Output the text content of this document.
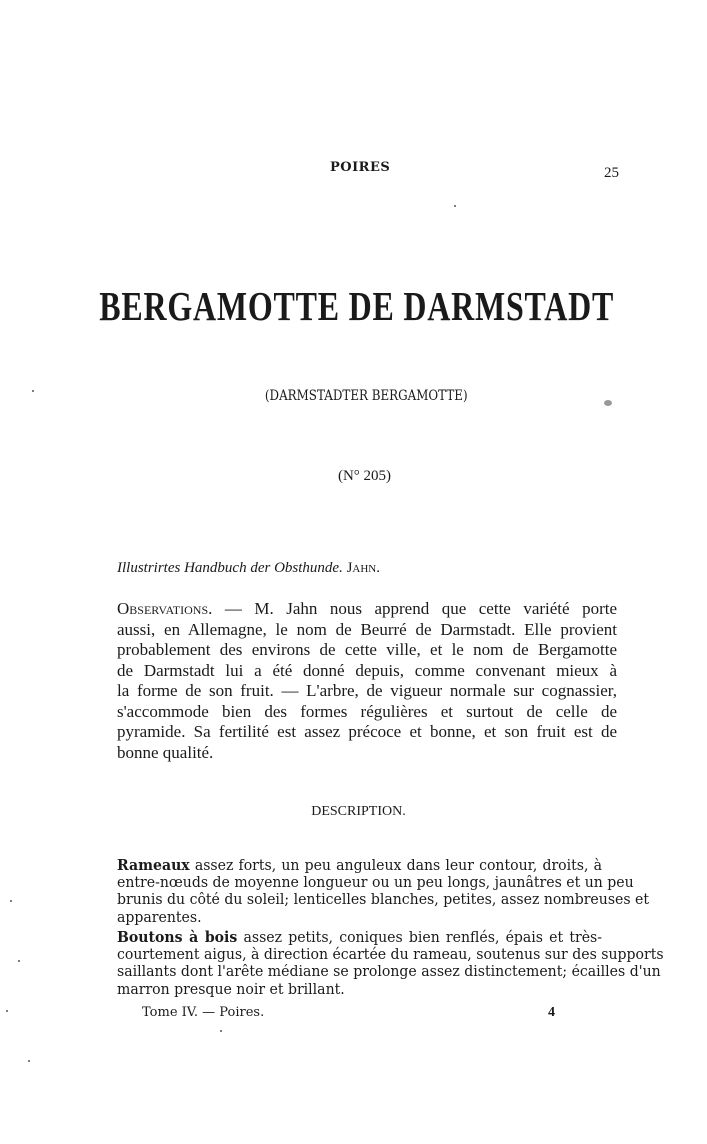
POIRES	25
BERGAMOTTE DE DARMSTADT
(DARMSTADTER BERGAMOTTE)
(N° 205)
Illustrirtes Handbuch der Obsthunde. Jahn.
Observations. — M. Jahn nous apprend que cette variété porte
aussi, en Allemagne, le nom de Beurré de Darmstadt. Elle provient
probablement des environs de cette ville, et le nom de Bergamotte
de Darmstadt lui a été donné depuis, comme convenant mieux à
la forme de son fruit. — L'arbre, de vigueur normale sur cognassier,
s'accommode bien des formes régulières et surtout de celle de
pyramide. Sa fertilité est assez précoce et bonne, et son fruit est de
bonne qualité.
DESCRIPTION.
Rameaux assez forts, un peu anguleux dans leur contour, droits, à
entre-nœuds de moyenne longueur ou un peu longs, jaunâtres et un peu
brunis du côté du soleil; lenticelles blanches, petites, assez nombreuses et
apparentes.
Boutons à bois assez petits, coniques bien renflés, épais et très-
courtement aigus, à direction écartée du rameau, soutenus sur des supports
saillants dont l'arête médiane se prolonge assez distinctement; écailles d'un
marron presque noir et brillant.
Tome IV. — Poires.	4
